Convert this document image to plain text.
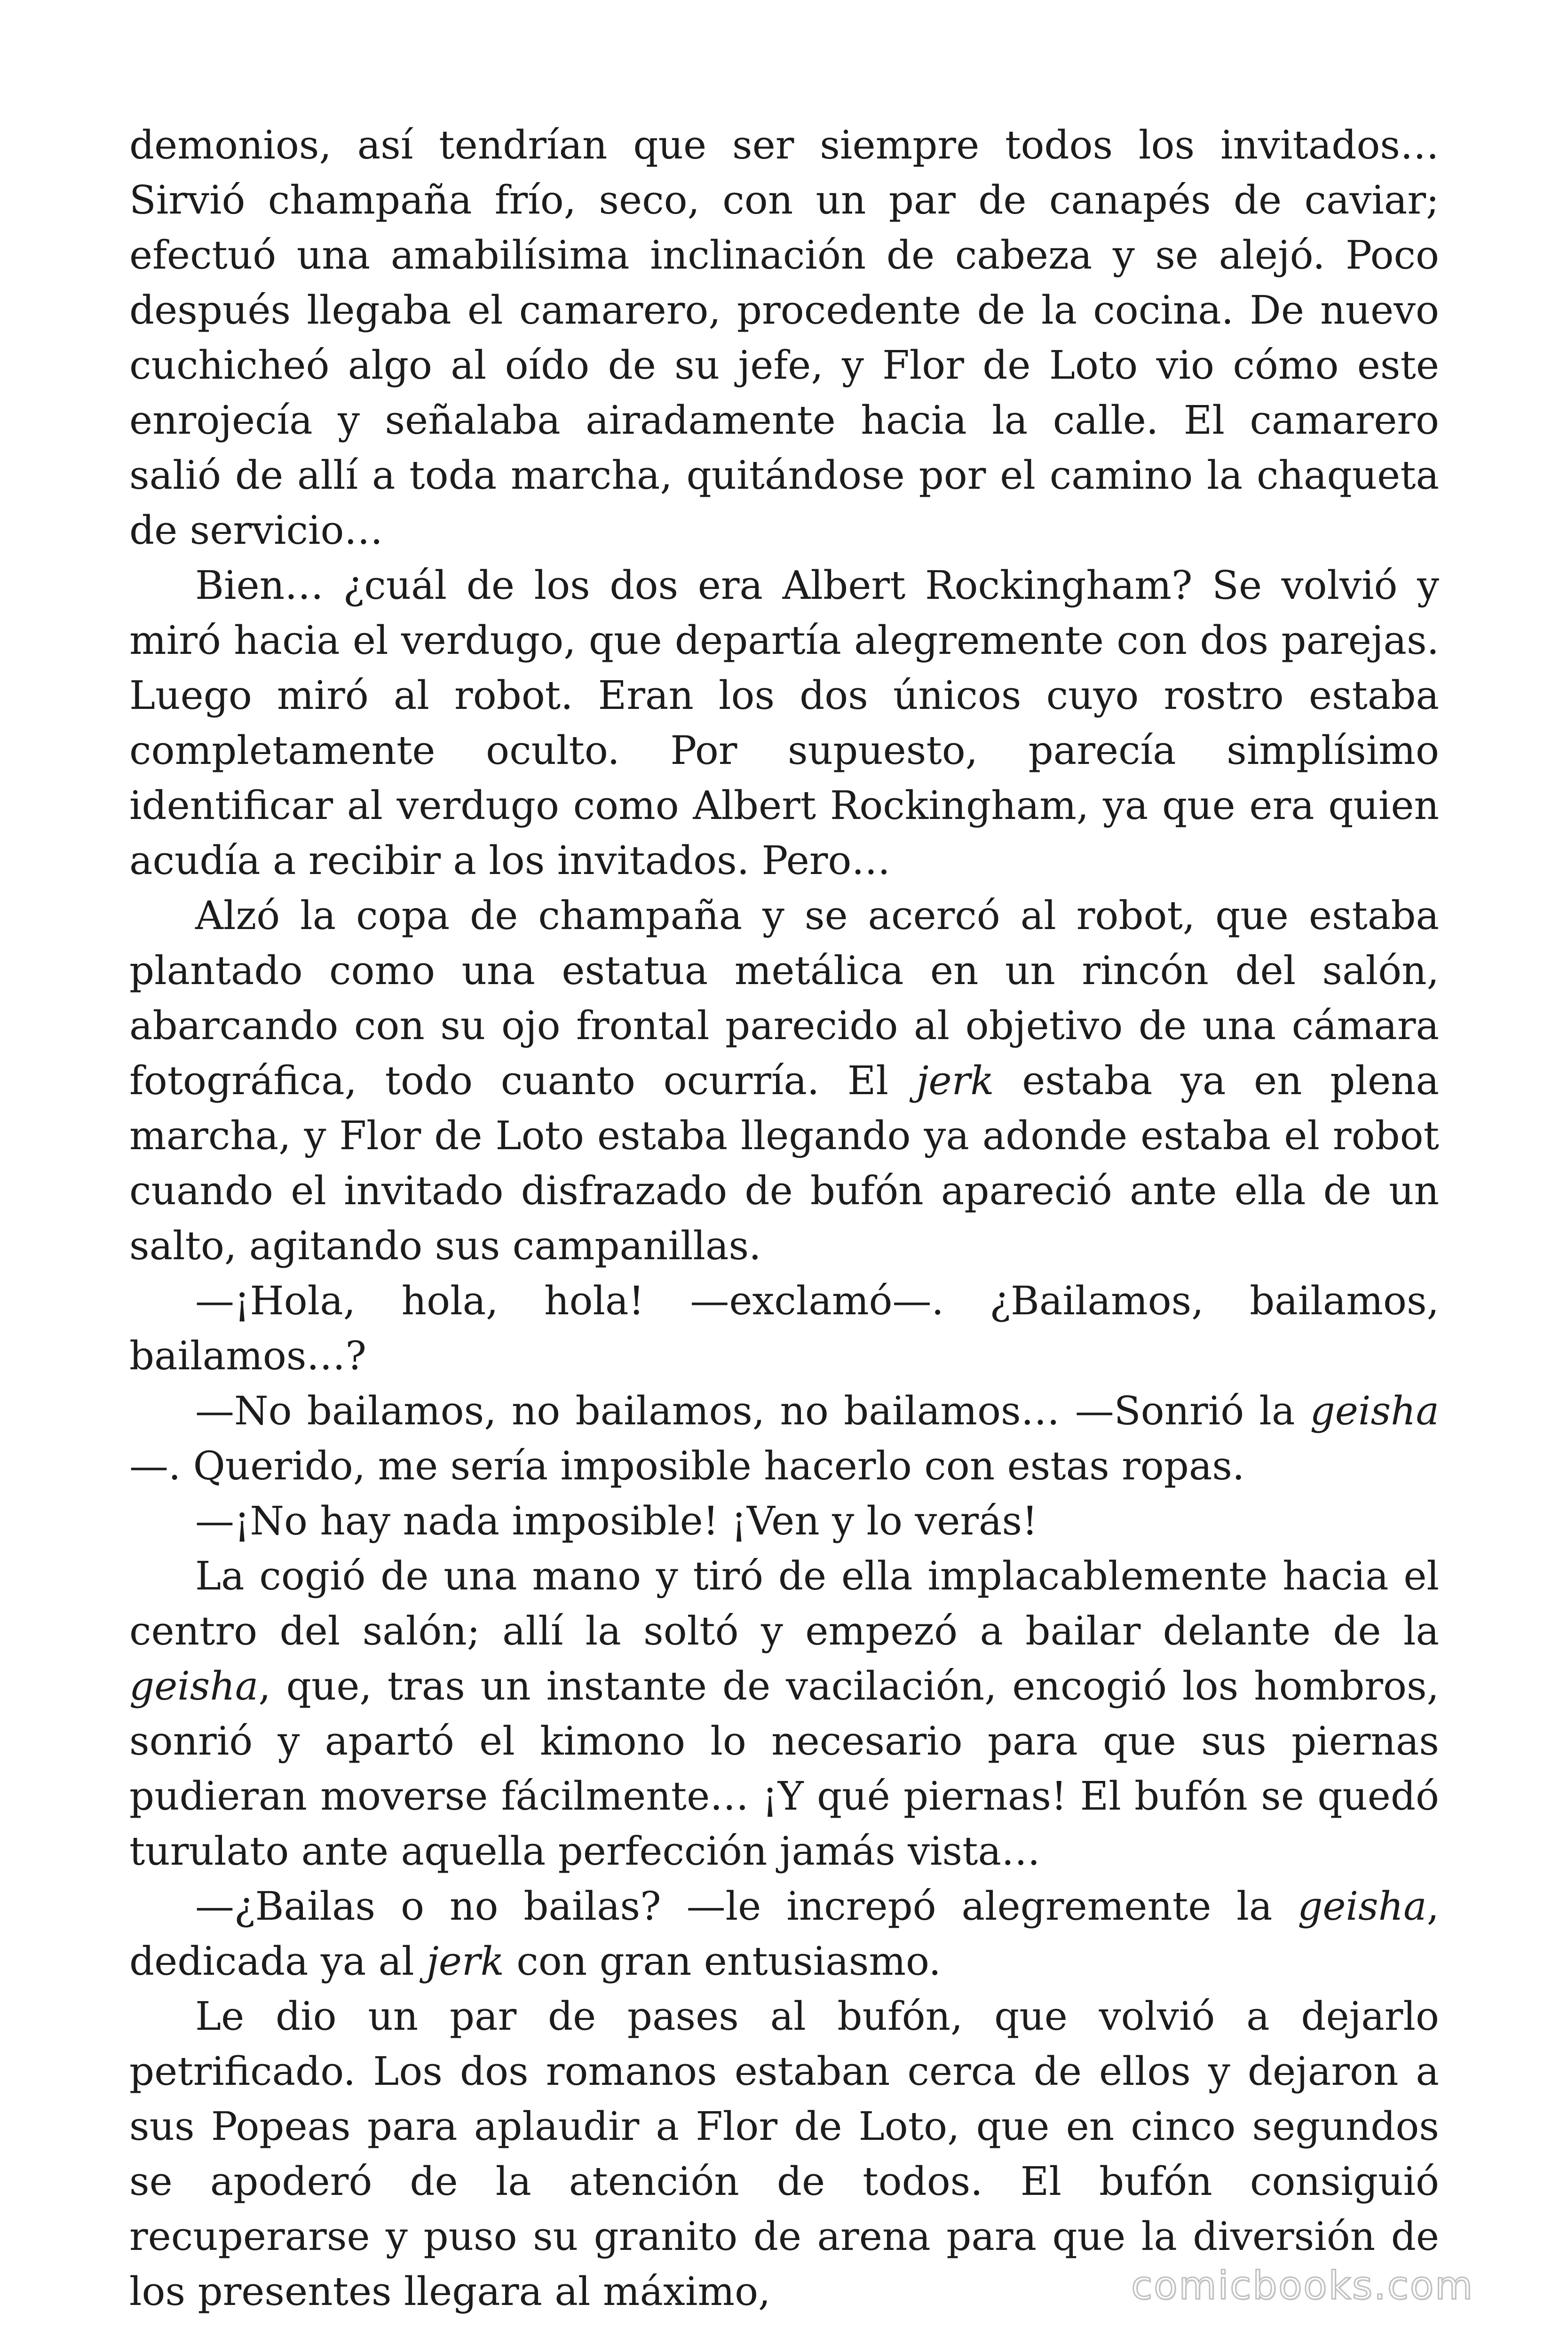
demonios, así tendrían que ser siempre todos los invitados… Sirvió champaña frío, seco, con un par de canapés de caviar; efectuó una amabilísima inclinación de cabeza y se alejó. Poco después llegaba el camarero, procedente de la cocina. De nuevo cuchicheó algo al oído de su jefe, y Flor de Loto vio cómo este enrojecía y señalaba airadamente hacia la calle. El camarero salió de allí a toda marcha, quitándose por el camino la chaqueta de servicio…

Bien… ¿cuál de los dos era Albert Rockingham? Se volvió y miró hacia el verdugo, que departía alegremente con dos parejas. Luego miró al robot. Eran los dos únicos cuyo rostro estaba completamente oculto. Por supuesto, parecía simplísimo identificar al verdugo como Albert Rockingham, ya que era quien acudía a recibir a los invitados. Pero…

Alzó la copa de champaña y se acercó al robot, que estaba plantado como una estatua metálica en un rincón del salón, abarcando con su ojo frontal parecido al objetivo de una cámara fotográfica, todo cuanto ocurría. El jerk estaba ya en plena marcha, y Flor de Loto estaba llegando ya adonde estaba el robot cuando el invitado disfrazado de bufón apareció ante ella de un salto, agitando sus campanillas.

—¡Hola, hola, hola! —exclamó—. ¿Bailamos, bailamos, bailamos…?

—No bailamos, no bailamos, no bailamos… —Sonrió la geisha—. Querido, me sería imposible hacerlo con estas ropas.

—¡No hay nada imposible! ¡Ven y lo verás!

La cogió de una mano y tiró de ella implacablemente hacia el centro del salón; allí la soltó y empezó a bailar delante de la geisha, que, tras un instante de vacilación, encogió los hombros, sonrió y apartó el kimono lo necesario para que sus piernas pudieran moverse fácilmente… ¡Y qué piernas! El bufón se quedó turulato ante aquella perfección jamás vista…

—¿Bailas o no bailas? —le increpó alegremente la geisha, dedicada ya al jerk con gran entusiasmo.

Le dio un par de pases al bufón, que volvió a dejarlo petrificado. Los dos romanos estaban cerca de ellos y dejaron a sus Popeas para aplaudir a Flor de Loto, que en cinco segundos se apoderó de la atención de todos. El bufón consiguió recuperarse y puso su granito de arena para que la diversión de los presentes llegara al máximo,	comicbooks.com
